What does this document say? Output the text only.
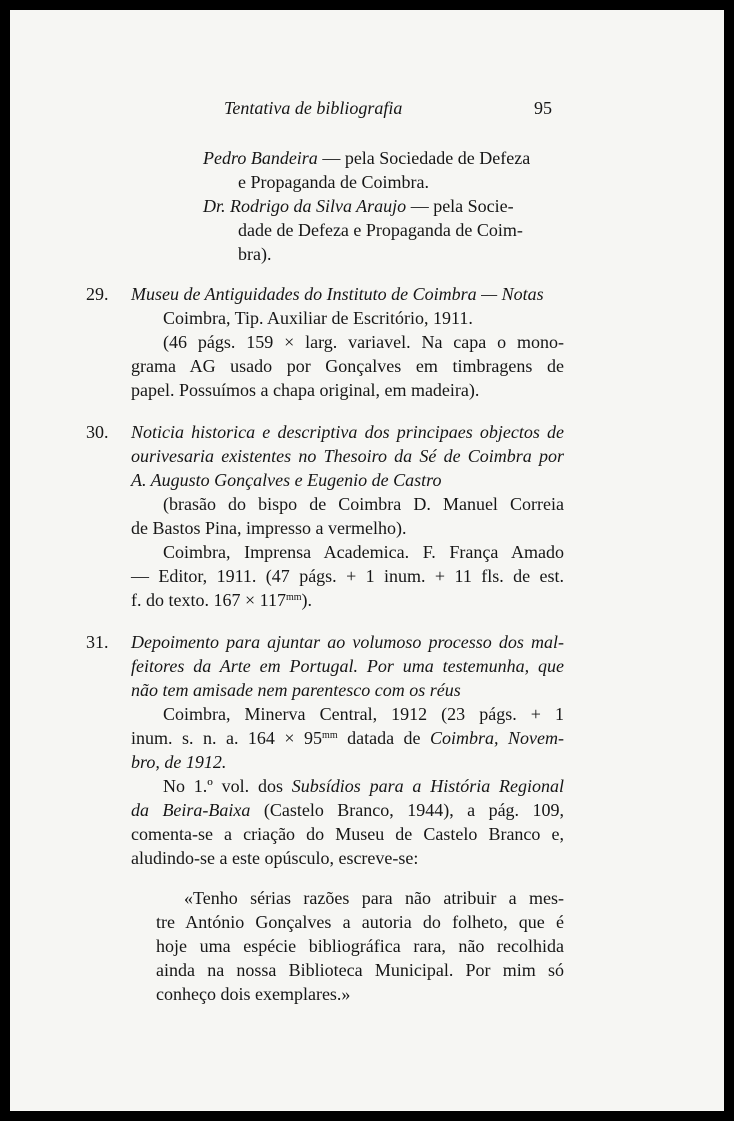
Tentativa de bibliografia	95
Pedro Bandeira — pela Sociedade de Defeza
e Propaganda de Coimbra.
Dr. Rodrigo da Silva Araujo — pela Socie-
dade de Defeza e Propaganda de Coim-
bra).
29. Museu de Antiguidades do Instituto de Coimbra — Notas
Coimbra, Tip. Auxiliar de Escritório, 1911.
(46 págs. 159 × larg. variavel. Na capa o mono-
grama AG usado por Gonçalves em timbragens de
papel. Possuímos a chapa original, em madeira).
30. Noticia historica e descriptiva dos principaes objectos de
ourivesaria existentes no Thesoiro da Sé de Coimbra por
A. Augusto Gonçalves e Eugenio de Castro
(brasão do bispo de Coimbra D. Manuel Correia
de Bastos Pina, impresso a vermelho).
Coimbra, Imprensa Academica. F. França Amado
— Editor, 1911. (47 págs. + 1 inum. + 11 fls. de est.
f. do texto. $167 \times 117^{mm}$).
31. Depoimento para ajuntar ao volumoso processo dos mal-
feitores da Arte em Portugal. Por uma testemunha, que
não tem amisade nem parentesco com os réus
Coimbra, Minerva Central, 1912 (23 págs. + 1
inum. s. n. a. $164 \times 95^{mm}$ datada de Coimbra, Novem-
bro, de 1912.
No 1.º vol. dos Subsídios para a História Regional
da Beira-Baixa (Castelo Branco, 1944), a pág. 109,
comenta-se a criação do Museu de Castelo Branco e,
aludindo-se a este opúsculo, escreve-se:
«Tenho sérias razões para não atribuir a mes-
tre António Gonçalves a autoria do folheto, que é
hoje uma espécie bibliográfica rara, não recolhida
ainda na nossa Biblioteca Municipal. Por mim só
conheço dois exemplares.»
